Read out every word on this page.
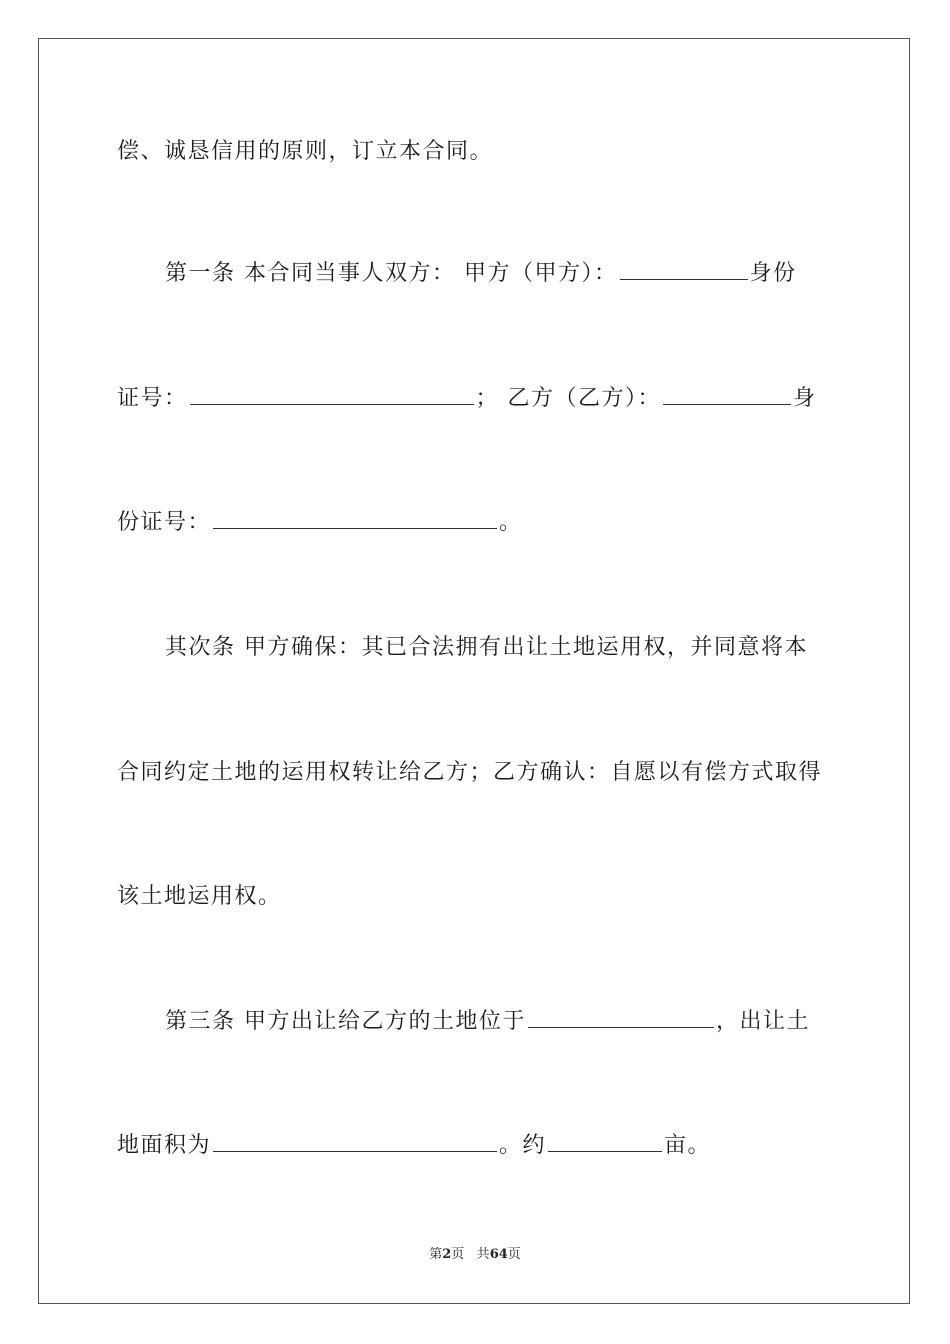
偿、诚恳信用的原则，订立本合同。
第一条 本合同当事人双方： 甲方（甲方）：	身份
证号：	； 乙方（乙方）：	身
份证号：	。
其次条 甲方确保：其已合法拥有出让土地运用权，并同意将本
合同约定土地的运用权转让给乙方；乙方确认：自愿以有偿方式取得
该土地运用权。
第三条 甲方出让给乙方的土地位于	，出让土
地面积为	。约	亩。
第2页 共64页
